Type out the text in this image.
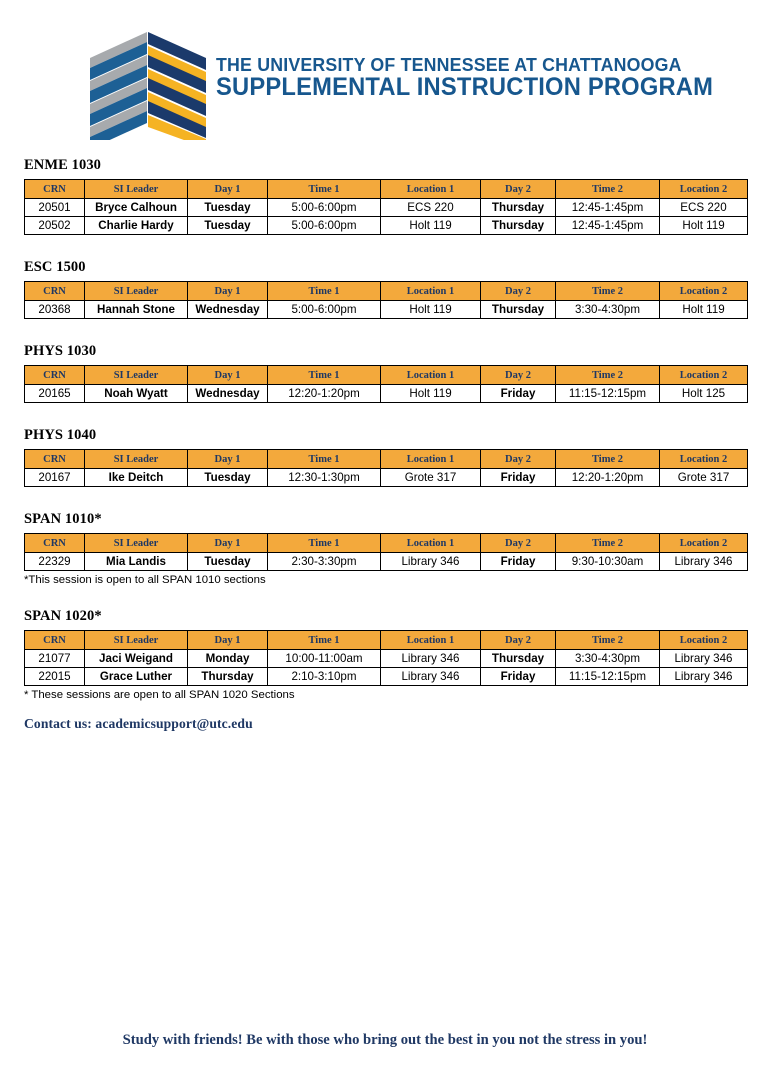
THE UNIVERSITY OF TENNESSEE AT CHATTANOOGA
SUPPLEMENTAL INSTRUCTION PROGRAM
ENME 1030
CRN	SI Leader	Day 1	Time 1	Location 1	Day 2	Time 2	Location 2
20501	Bryce Calhoun	Tuesday	5:00-6:00pm	ECS 220	Thursday	12:45-1:45pm	ECS 220
20502	Charlie Hardy	Tuesday	5:00-6:00pm	Holt 119	Thursday	12:45-1:45pm	Holt 119
ESC 1500
CRN	SI Leader	Day 1	Time 1	Location 1	Day 2	Time 2	Location 2
20368	Hannah Stone	Wednesday	5:00-6:00pm	Holt 119	Thursday	3:30-4:30pm	Holt 119
PHYS 1030
CRN	SI Leader	Day 1	Time 1	Location 1	Day 2	Time 2	Location 2
20165	Noah Wyatt	Wednesday	12:20-1:20pm	Holt 119	Friday	11:15-12:15pm	Holt 125
PHYS 1040
CRN	SI Leader	Day 1	Time 1	Location 1	Day 2	Time 2	Location 2
20167	Ike Deitch	Tuesday	12:30-1:30pm	Grote 317	Friday	12:20-1:20pm	Grote 317
SPAN 1010*
CRN	SI Leader	Day 1	Time 1	Location 1	Day 2	Time 2	Location 2
22329	Mia Landis	Tuesday	2:30-3:30pm	Library 346	Friday	9:30-10:30am	Library 346
*This session is open to all SPAN 1010 sections
SPAN 1020*
CRN	SI Leader	Day 1	Time 1	Location 1	Day 2	Time 2	Location 2
21077	Jaci Weigand	Monday	10:00-11:00am	Library 346	Thursday	3:30-4:30pm	Library 346
22015	Grace Luther	Thursday	2:10-3:10pm	Library 346	Friday	11:15-12:15pm	Library 346
* These sessions are open to all SPAN 1020 Sections
Contact us: academicsupport@utc.edu
Study with friends! Be with those who bring out the best in you not the stress in you!
